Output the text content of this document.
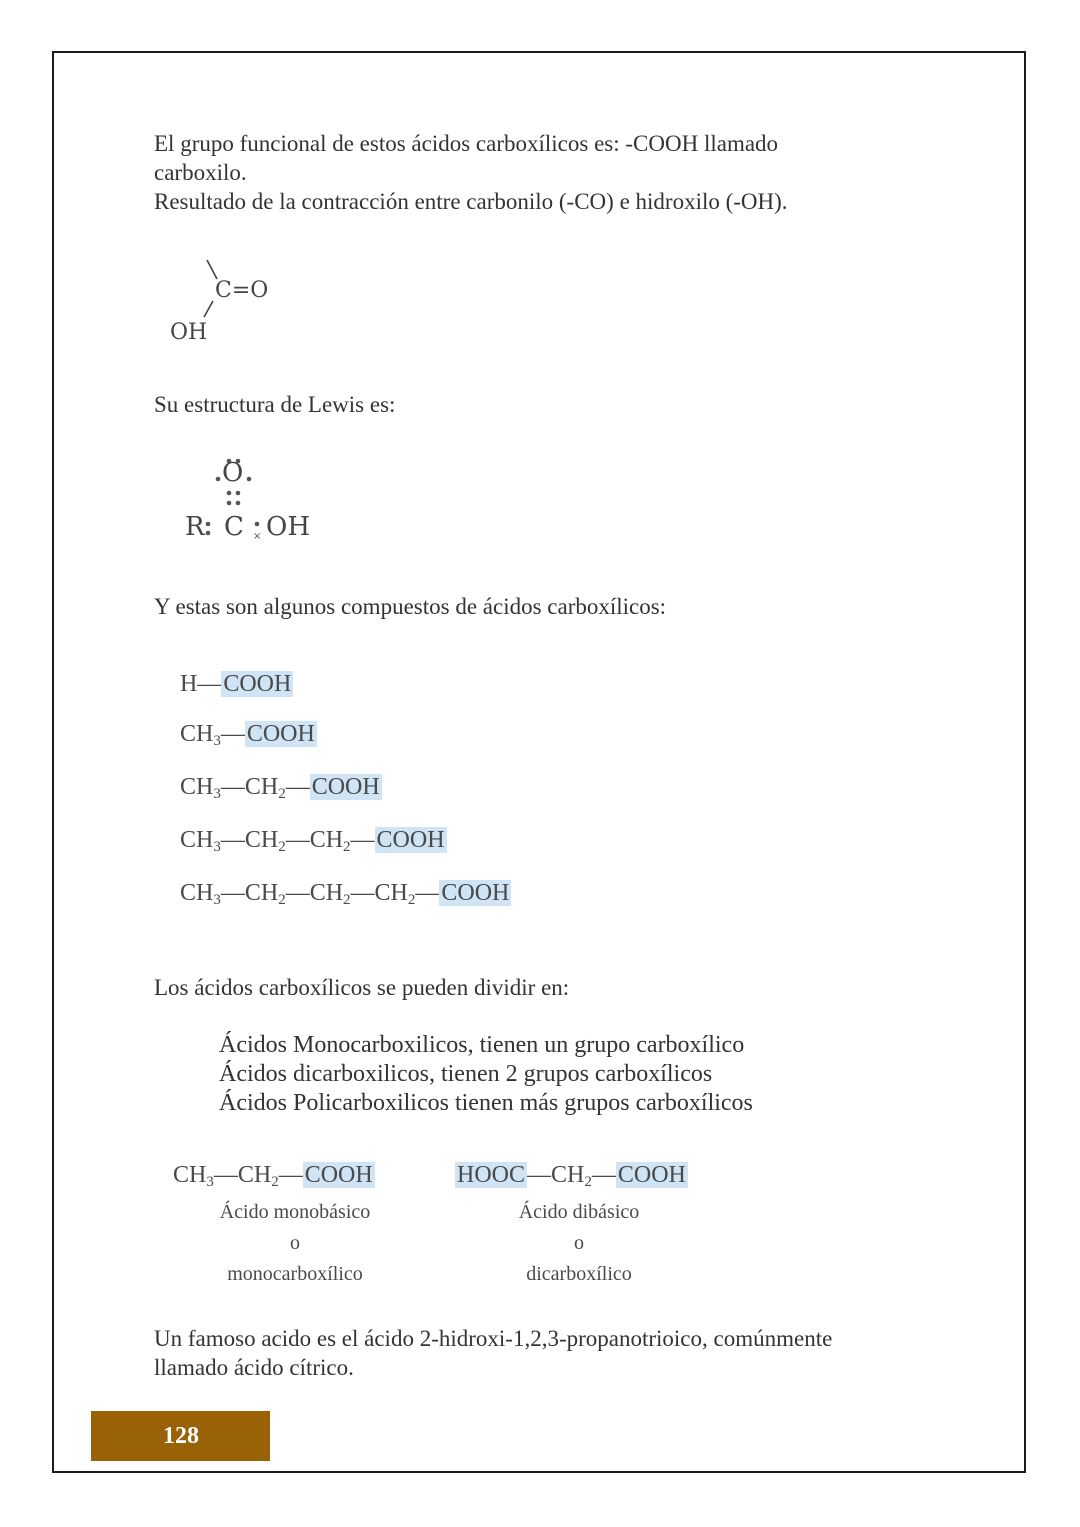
El grupo funcional de estos ácidos carboxílicos es: -COOH llamado
carboxilo.
Resultado de la contracción entre carbonilo (-CO) e hidroxilo (-OH).

C=O
OH

Su estructura de Lewis es:

×
O
R C OH

Y estas son algunos compuestos de ácidos carboxílicos:

H—COOH
$CH_3—COOH$
$CH_3—CH_2—COOH$
$CH_3—CH_2—CH_2—COOH$
$CH_3—CH_2—CH_2—CH_2—COOH$

Los ácidos carboxílicos se pueden dividir en:

Ácidos Monocarboxilicos, tienen un grupo carboxílico
Ácidos dicarboxilicos, tienen 2 grupos carboxílicos
Ácidos Policarboxilicos tienen más grupos carboxílicos
$CH_3—CH_2—COOH$	$HOOC—CH_2—COOH$
Ácido monobásico
o
monocarboxílico
Ácido dibásico
o
dicarboxílico

Un famoso acido es el ácido 2-hidroxi-1,2,3-propanotrioico, comúnmente
llamado ácido cítrico.

128
